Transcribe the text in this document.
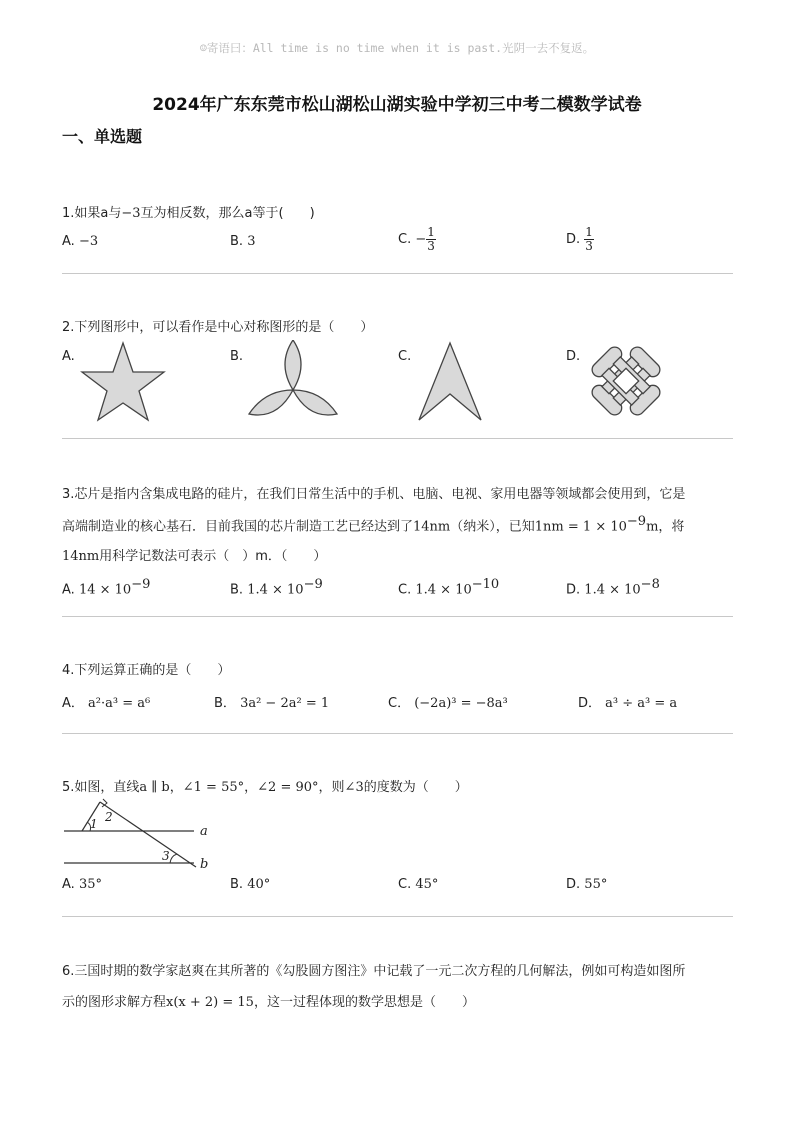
☺寄语曰：All time is no time when it is past.光阴一去不复返。
2024年广东东莞市松山湖松山湖实验中学初三中考二模数学试卷
一、单选题
1.如果a与−3互为相反数，那么a等于(　　)
A. −3	B. 3	C. − $\frac{1}{3}$	D. $\frac{1}{3}$
2.下列图形中，可以看作是中心对称图形的是（　　）
A.	B.	C.	D.
3.芯片是指内含集成电路的硅片，在我们日常生活中的手机、电脑、电视、家用电器等领域都会使用到，它是
高端制造业的核心基石．目前我国的芯片制造工艺已经达到了14nm（纳米），已知$1nm = 1 \times 10^{-9}m$，将
14nm用科学记数法可表示（　）m．（　　）
A. $14 \times 10^{-9}$	B. $1.4 \times 10^{-9}$	C. $1.4 \times 10^{-10}$	D. $1.4 \times 10^{-8}$
4.下列运算正确的是（　　）
A． a²·a³ = a⁶	B． 3a² − 2a² = 1	C． (−2a)³ = −8a³	D． a³ ÷ a³ = a
5.如图，直线a ∥ b，∠1 = 55°，∠2 = 90°，则∠3的度数为（　　）
1 2
3
a
b
A. 35°	B. 40°	C. 45°	D. 55°
6.三国时期的数学家赵爽在其所著的《勾股圆方图注》中记载了一元二次方程的几何解法，例如可构造如图所
示的图形求解方程x(x + 2) = 15，这一过程体现的数学思想是（　　）
